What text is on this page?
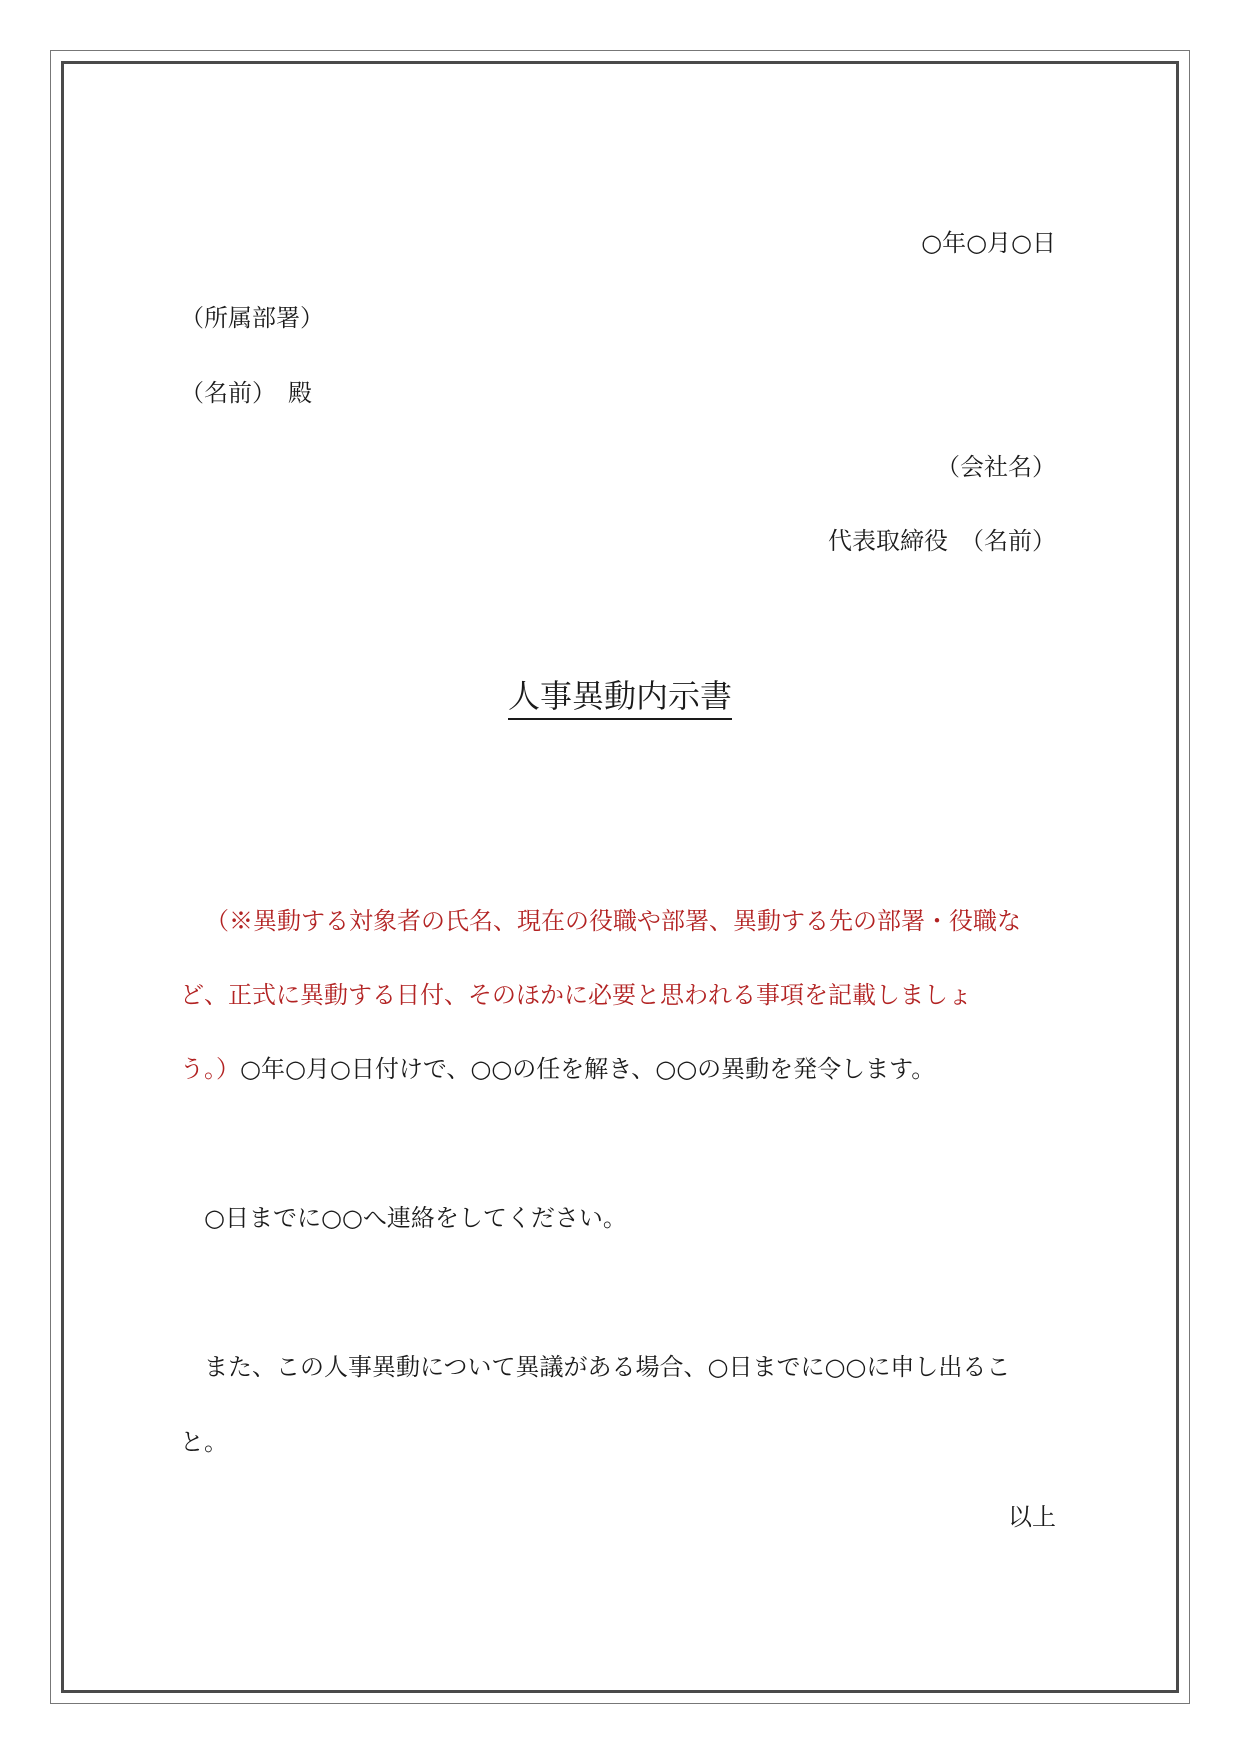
○年○月○日
（所属部署）
（名前）　殿
（会社名）
代表取締役　（名前）
人事異動内示書
（※異動する対象者の氏名、現在の役職や部署、異動する先の部署・役職な
ど、正式に異動する日付、そのほかに必要と思われる事項を記載しましょ
う。）○年○月○日付けで、○○の任を解き、○○の異動を発令します。
○日までに○○へ連絡をしてください。
また、この人事異動について異議がある場合、○日までに○○に申し出るこ
と。
以上
